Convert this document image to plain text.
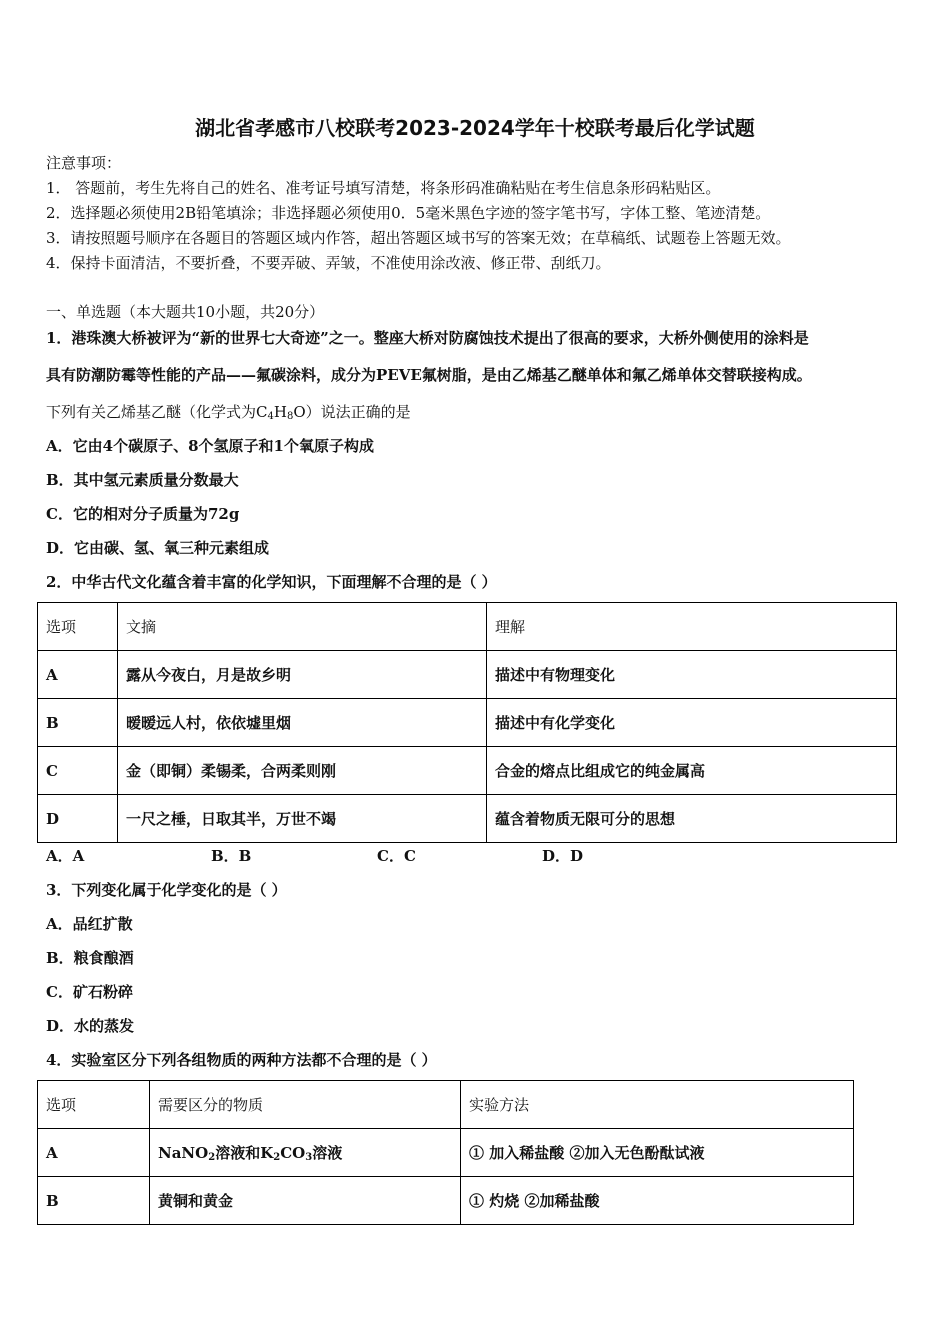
湖北省孝感市八校联考2023-2024学年十校联考最后化学试题
注意事项：
1． 答题前，考生先将自己的姓名、准考证号填写清楚，将条形码准确粘贴在考生信息条形码粘贴区。
2．选择题必须使用2B铅笔填涂；非选择题必须使用0．5毫米黑色字迹的签字笔书写，字体工整、笔迹清楚。
3．请按照题号顺序在各题目的答题区域内作答，超出答题区域书写的答案无效；在草稿纸、试题卷上答题无效。
4．保持卡面清洁，不要折叠，不要弄破、弄皱，不准使用涂改液、修正带、刮纸刀。
一、单选题（本大题共10小题，共20分）
1．港珠澳大桥被评为“新的世界七大奇迹”之一。整座大桥对防腐蚀技术提出了很高的要求，大桥外侧使用的涂料是
具有防潮防霉等性能的产品——氟碳涂料，成分为PEVE氟树脂，是由乙烯基乙醚单体和氟乙烯单体交替联接构成。
下列有关乙烯基乙醚（化学式为$C_4H_8O$）说法正确的是
A．它由4个碳原子、8个氢原子和1个氧原子构成
B．其中氢元素质量分数最大
C．它的相对分子质量为72g
D．它由碳、氢、氧三种元素组成
2．中华古代文化蕴含着丰富的化学知识，下面理解不合理的是（ ）
选项	文摘	理解
A	露从今夜白，月是故乡明	描述中有物理变化
B	暧暧远人村，依依墟里烟	描述中有化学变化
C	金（即铜）柔锡柔，合两柔则刚	合金的熔点比组成它的纯金属高
D	一尺之棰，日取其半，万世不竭	蕴含着物质无限可分的思想
A．A	B．B	C．C	D．D
3．下列变化属于化学变化的是（ ）
A．品红扩散
B．粮食酿酒
C．矿石粉碎
D．水的蒸发
4．实验室区分下列各组物质的两种方法都不合理的是（ ）
选项	需要区分的物质	实验方法
A	NaNO$_2$溶液和$K_2CO_3$溶液	① 加入稀盐酸 ②加入无色酚酞试液
B	黄铜和黄金	① 灼烧 ②加稀盐酸
